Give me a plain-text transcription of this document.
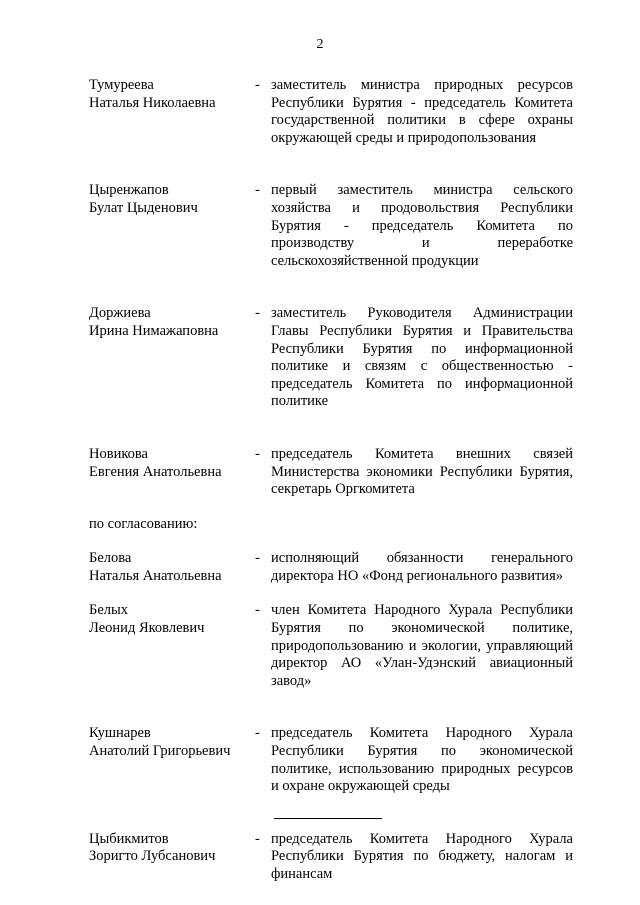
2
Тумуреева
Наталья Николаевна
- заместитель министра природных ресурсов Республики Бурятия - председатель Комитета государственной политики в сфере охраны окружающей среды и природопользования
Цыренжапов
Булат Цыденович
- первый заместитель министра сельского хозяйства и продовольствия Республики Бурятия - председатель Комитета по производству и переработке сельскохозяйственной продукции
Доржиева
Ирина Нимажаповна
- заместитель Руководителя Администрации Главы Республики Бурятия и Правительства Республики Бурятия по информационной политике и связям с общественностью - председатель Комитета по информационной политике
Новикова
Евгения Анатольевна
- председатель Комитета внешних связей Министерства экономики Республики Бурятия, секретарь Оргкомитета
по согласованию:
Белова
Наталья Анатольевна
- исполняющий обязанности генерального директора НО «Фонд регионального развития»
Белых
Леонид Яковлевич
- член Комитета Народного Хурала Республики Бурятия по экономической политике, природопользованию и экологии, управляющий директор АО «Улан-Удэнский авиационный завод»
Кушнарев
Анатолий Григорьевич
- председатель Комитета Народного Хурала Республики Бурятия по экономической политике, использованию природных ресурсов и охране окружающей среды
Цыбикмитов
Зоригто Лубсанович
- председатель Комитета Народного Хурала Республики Бурятия по бюджету, налогам и финансам
